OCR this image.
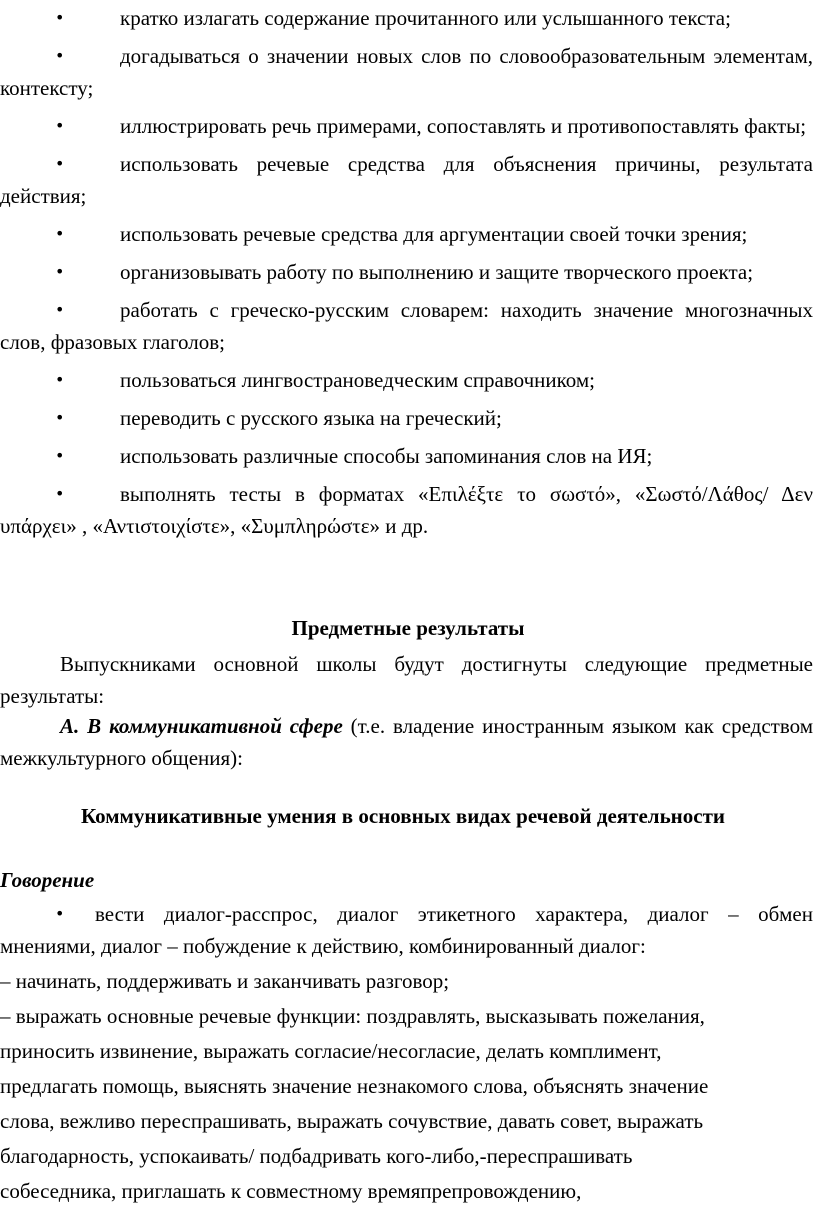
•	кратко излагать содержание прочитанного или услышанного текста;
•	догадываться о значении новых слов по словообразовательным элементам, контексту;
•	иллюстрировать речь примерами, сопоставлять и противопоставлять факты;
•	использовать речевые средства для объяснения причины, результата действия;
•	использовать речевые средства для аргументации своей точки зрения;
•	организовывать работу по выполнению и защите творческого проекта;
•	работать с греческо-русским словарем: находить значение многозначных слов, фразовых глаголов;
•	пользоваться лингвострановедческим справочником;
•	переводить с русского языка на греческий;
•	использовать различные способы запоминания слов на ИЯ;
•	выполнять тесты в форматах «Επιλέξτε το σωστό», «Σωστό/Λάθος/ Δεν υπάρχει» , «Αντιστοιχίστε», «Συμπληρώστε» и др.
Предметные результаты
Выпускниками основной школы будут достигнуты следующие предметные результаты:
А. В коммуникативной сфере (т.е. владение иностранным языком как средством межкультурного общения):
Коммуникативные умения в основных видах речевой деятельности
Говорение
•	вести диалог-расспрос, диалог этикетного характера, диалог – обмен мнениями, диалог – побуждение к действию, комбинированный диалог:
– начинать, поддерживать и заканчивать разговор;
– выражать основные речевые функции: поздравлять, высказывать пожелания,
приносить извинение, выражать согласие/несогласие, делать комплимент,
предлагать помощь, выяснять значение незнакомого слова, объяснять значение
слова, вежливо переспрашивать, выражать сочувствие, давать совет, выражать
благодарность, успокаивать/ подбадривать кого-либо,-переспрашивать
собеседника, приглашать к совместному времяпрепровождению,
